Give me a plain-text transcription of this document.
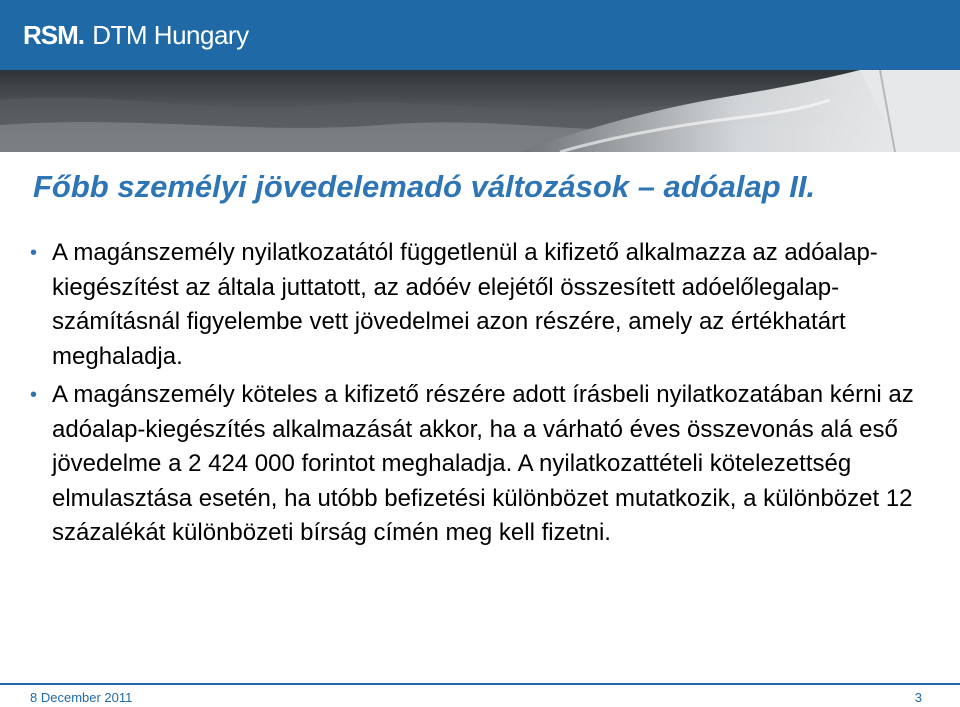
RSM. DTM Hungary
Főbb személyi jövedelemadó változások – adóalap II.
• A magánszemély nyilatkozatától függetlenül a kifizető alkalmazza az adóalap-kiegészítést az általa juttatott, az adóév elejétől összesített adóelőlegalap-számításnál figyelembe vett jövedelmei azon részére, amely az értékhatárt meghaladja.
• A magánszemély köteles a kifizető részére adott írásbeli nyilatkozatában kérni az adóalap-kiegészítés alkalmazását akkor, ha a várható éves összevonás alá eső jövedelme a 2 424 000 forintot meghaladja. A nyilatkozattételi kötelezettség elmulasztása esetén, ha utóbb befizetési különbözet mutatkozik, a különbözet 12 százalékát különbözeti bírság címén meg kell fizetni.
8 December 2011	3
